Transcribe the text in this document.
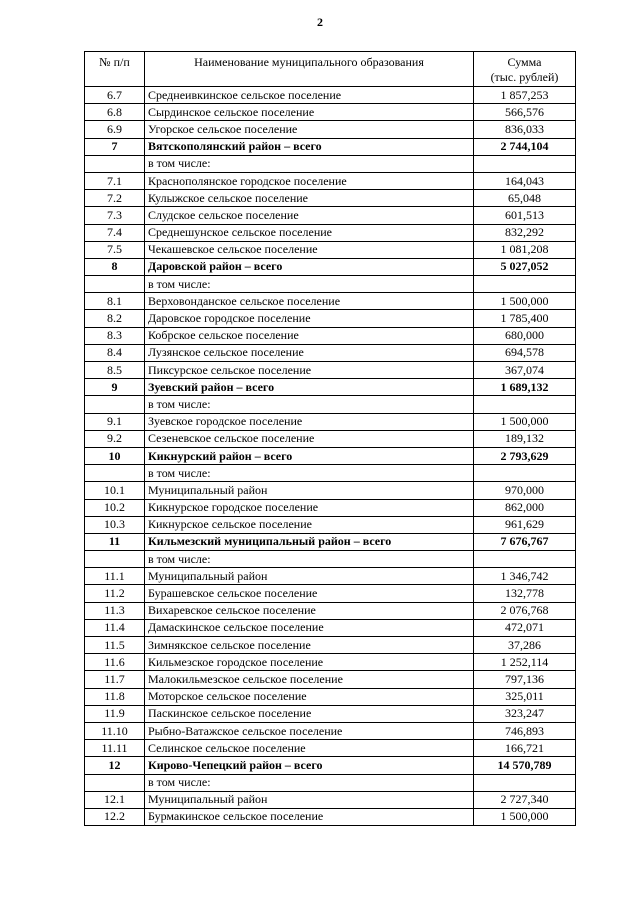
2
№ п/п	Наименование муниципального образования	Сумма
(тыс. рублей)

6.7	Среднеивкинское сельское поселение	1 857,253
6.8	Сырдинское сельское поселение	566,576
6.9	Угорское сельское поселение	836,033
7	Вятскополянский район – всего	2 744,104
	в том числе:	
7.1	Краснополянское городское поселение	164,043
7.2	Кулыжское сельское поселение	65,048
7.3	Слудское сельское поселение	601,513
7.4	Среднешунское сельское поселение	832,292
7.5	Чекашевское сельское поселение	1 081,208
8	Даровской район – всего	5 027,052
	в том числе:	
8.1	Верховонданское сельское поселение	1 500,000
8.2	Даровское городское поселение	1 785,400
8.3	Кобрское сельское поселение	680,000
8.4	Лузянское сельское поселение	694,578
8.5	Пиксурское сельское поселение	367,074
9	Зуевский район – всего	1 689,132
	в том числе:	
9.1	Зуевское городское поселение	1 500,000
9.2	Сезеневское сельское поселение	189,132
10	Кикнурский район – всего	2 793,629
	в том числе:	
10.1	Муниципальный район	970,000
10.2	Кикнурское городское поселение	862,000
10.3	Кикнурское сельское поселение	961,629
11	Кильмезский муниципальный район – всего	7 676,767
	в том числе:	
11.1	Муниципальный район	1 346,742
11.2	Бурашевское сельское поселение	132,778
11.3	Вихаревское сельское поселение	2 076,768
11.4	Дамаскинское сельское поселение	472,071
11.5	Зимнякское сельское поселение	37,286
11.6	Кильмезское городское поселение	1 252,114
11.7	Малокильмезское сельское поселение	797,136
11.8	Моторское сельское поселение	325,011
11.9	Паскинское сельское поселение	323,247
11.10	Рыбно-Ватажское сельское поселение	746,893
11.11	Селинское сельское поселение	166,721
12	Кирово-Чепецкий район – всего	14 570,789
	в том числе:	
12.1	Муниципальный район	2 727,340
12.2	Бурмакинское сельское поселение	1 500,000
